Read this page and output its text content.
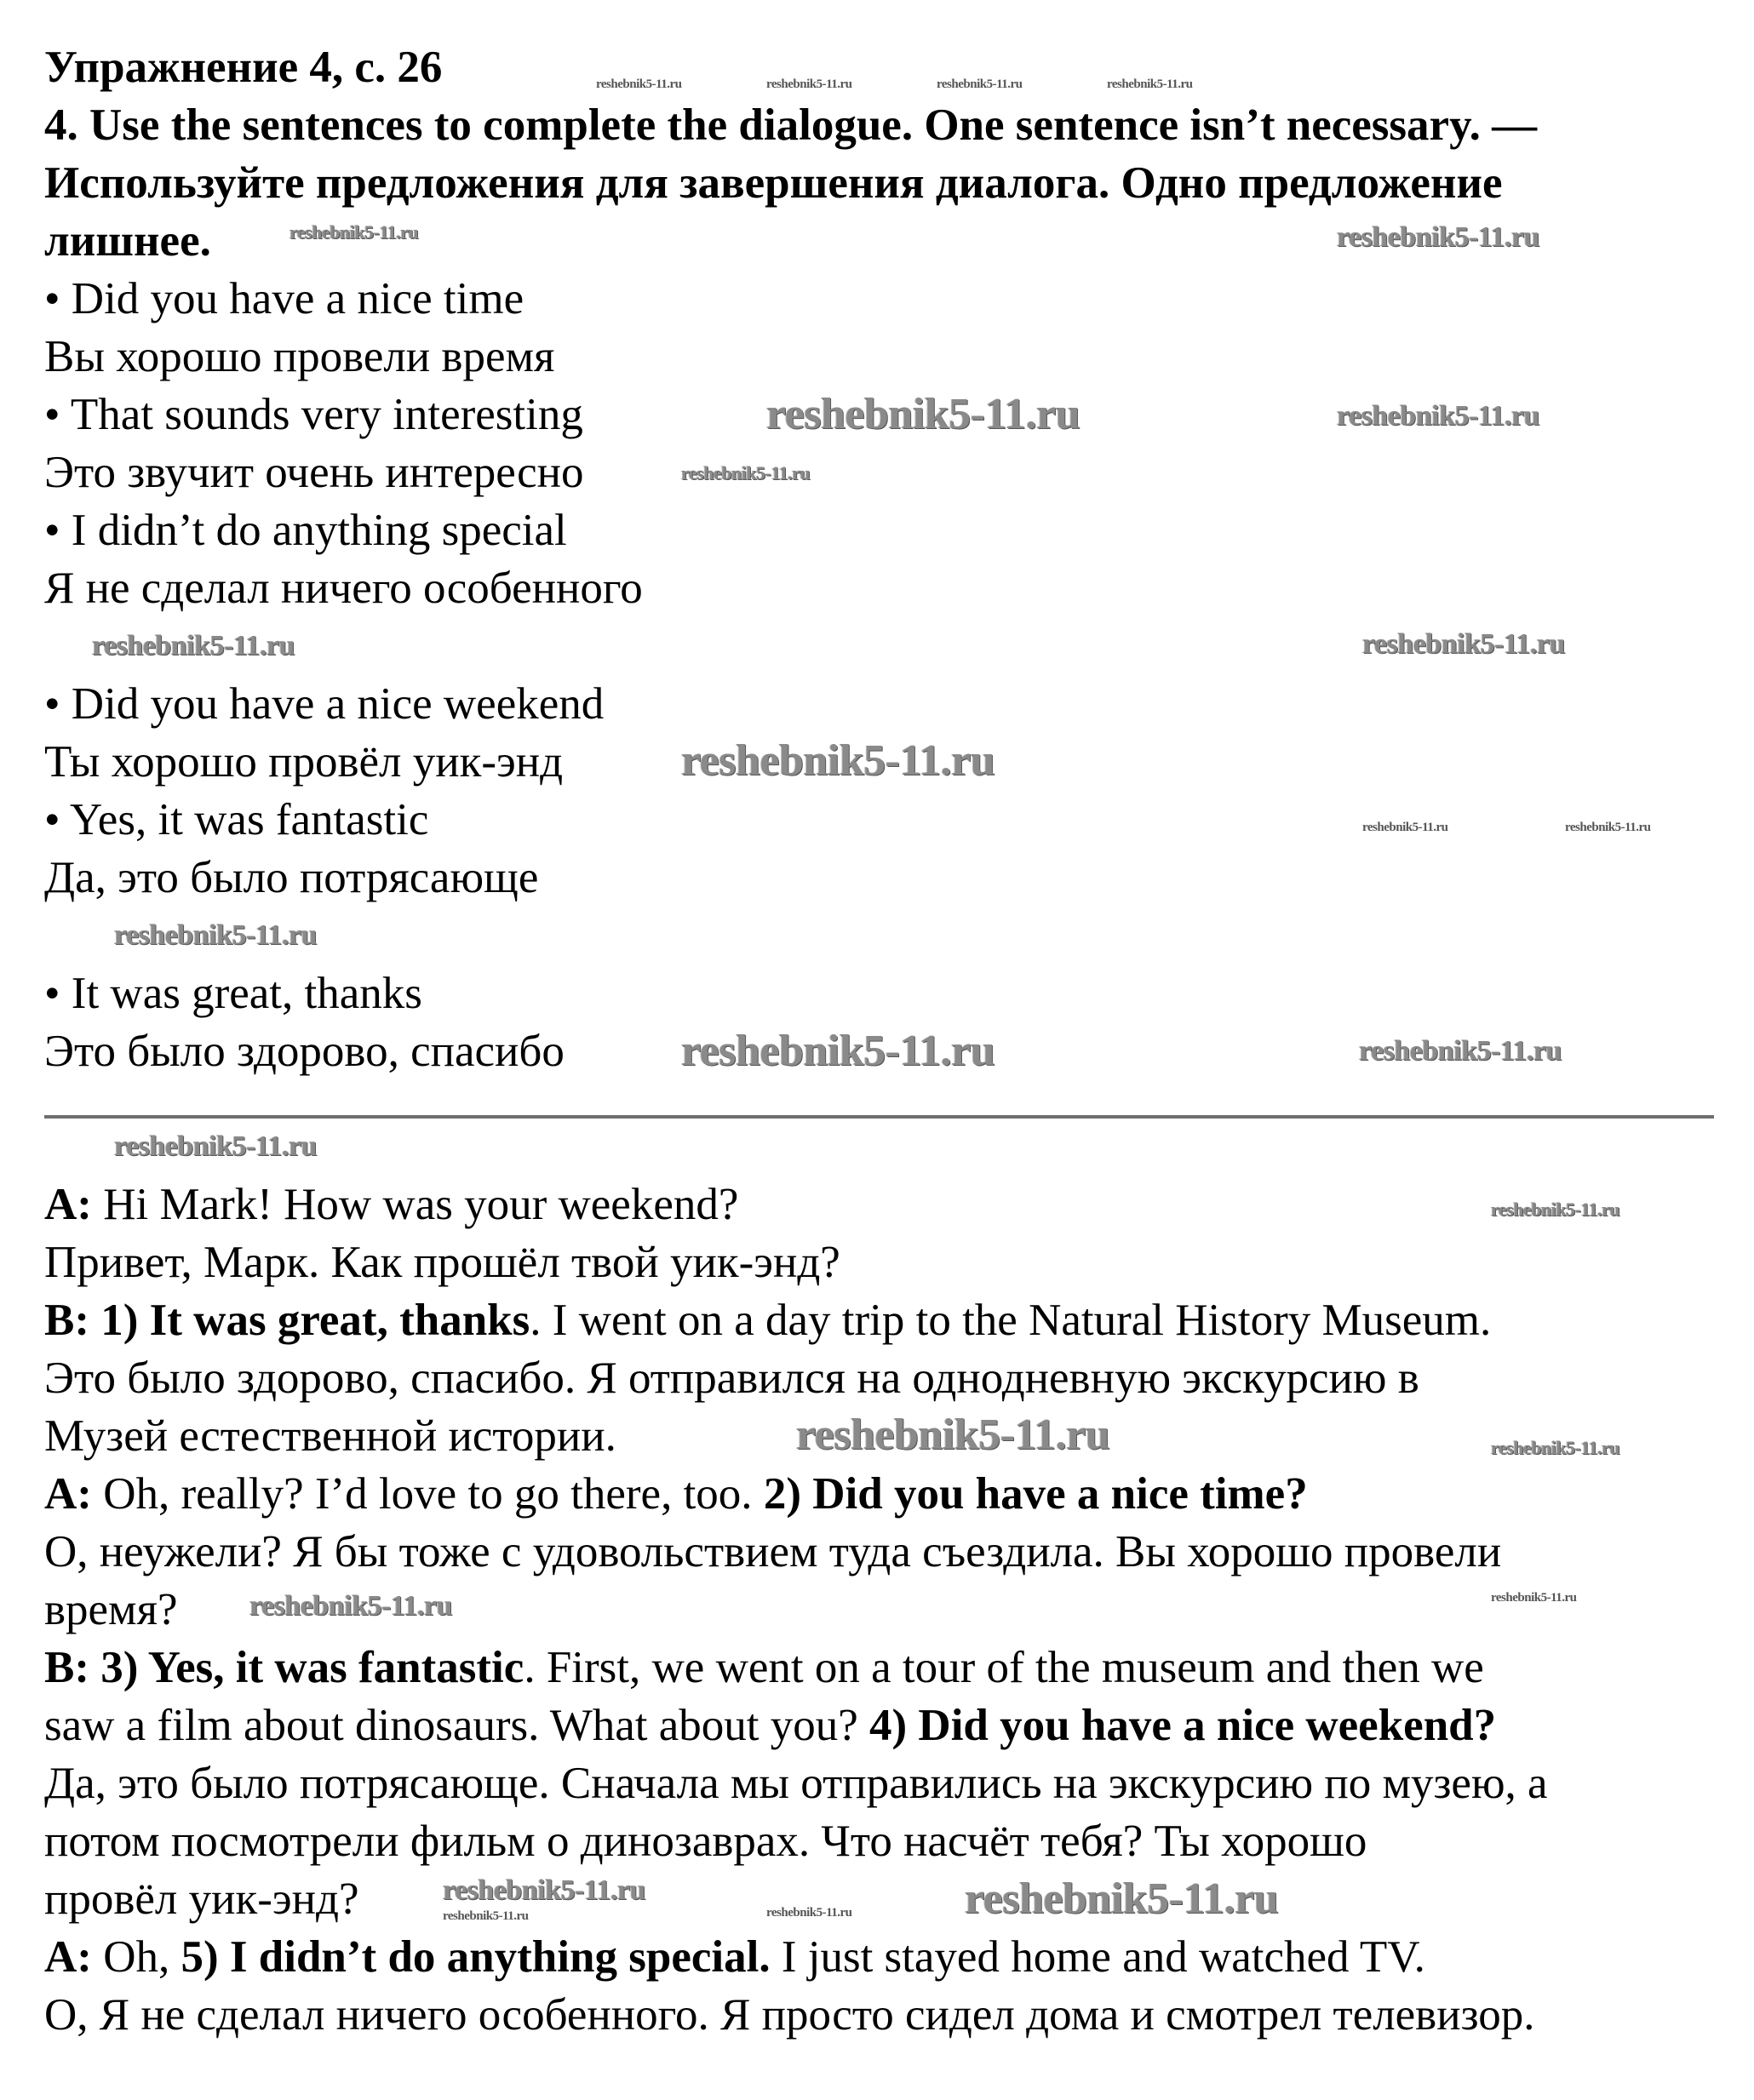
Упражнение 4, с. 26
4. Use the sentences to complete the dialogue. One sentence isn’t necessary. —
Используйте предложения для завершения диалога. Одно предложение
лишнее.
• Did you have a nice time
Вы хорошо провели время
• That sounds very interesting
Это звучит очень интересно
• I didn’t do anything special
Я не сделал ничего особенного
• Did you have a nice weekend
Ты хорошо провёл уик-энд
• Yes, it was fantastic
Да, это было потрясающе
• It was great, thanks
Это было здорово, спасибо
A: Hi Mark! How was your weekend?
Привет, Марк. Как прошёл твой уик-энд?
B: 1) It was great, thanks. I went on a day trip to the Natural History Museum.
Это было здорово, спасибо. Я отправился на однодневную экскурсию в
Музей естественной истории.
A: Oh, really? I’d love to go there, too. 2) Did you have a nice time?
О, неужели? Я бы тоже с удовольствием туда съездила. Вы хорошо провели
время?
B: 3) Yes, it was fantastic. First, we went on a tour of the museum and then we
saw a film about dinosaurs. What about you? 4) Did you have a nice weekend?
Да, это было потрясающе. Сначала мы отправились на экскурсию по музею, а
потом посмотрели фильм о динозаврах. Что насчёт тебя? Ты хорошо
провёл уик-энд?
A: Oh, 5) I didn’t do anything special. I just stayed home and watched TV.
О, Я не сделал ничего особенного. Я просто сидел дома и смотрел телевизор.
reshebnik5-11.ru	reshebnik5-11.ru	reshebnik5-11.ru	reshebnik5-11.ru
reshebnik5-11.ru	reshebnik5-11.ru
reshebnik5-11.ru	reshebnik5-11.ru
reshebnik5-11.ru
reshebnik5-11.ru
reshebnik5-11.ru
reshebnik5-11.ru
reshebnik5-11.ru	reshebnik5-11.ru
reshebnik5-11.ru
reshebnik5-11.ru	reshebnik5-11.ru
reshebnik5-11.ru
reshebnik5-11.ru
reshebnik5-11.ru	reshebnik5-11.ru
reshebnik5-11.ru
reshebnik5-11.ru
reshebnik5-11.ru
reshebnik5-11.ru	reshebnik5-11.ru
reshebnik5-11.ru
